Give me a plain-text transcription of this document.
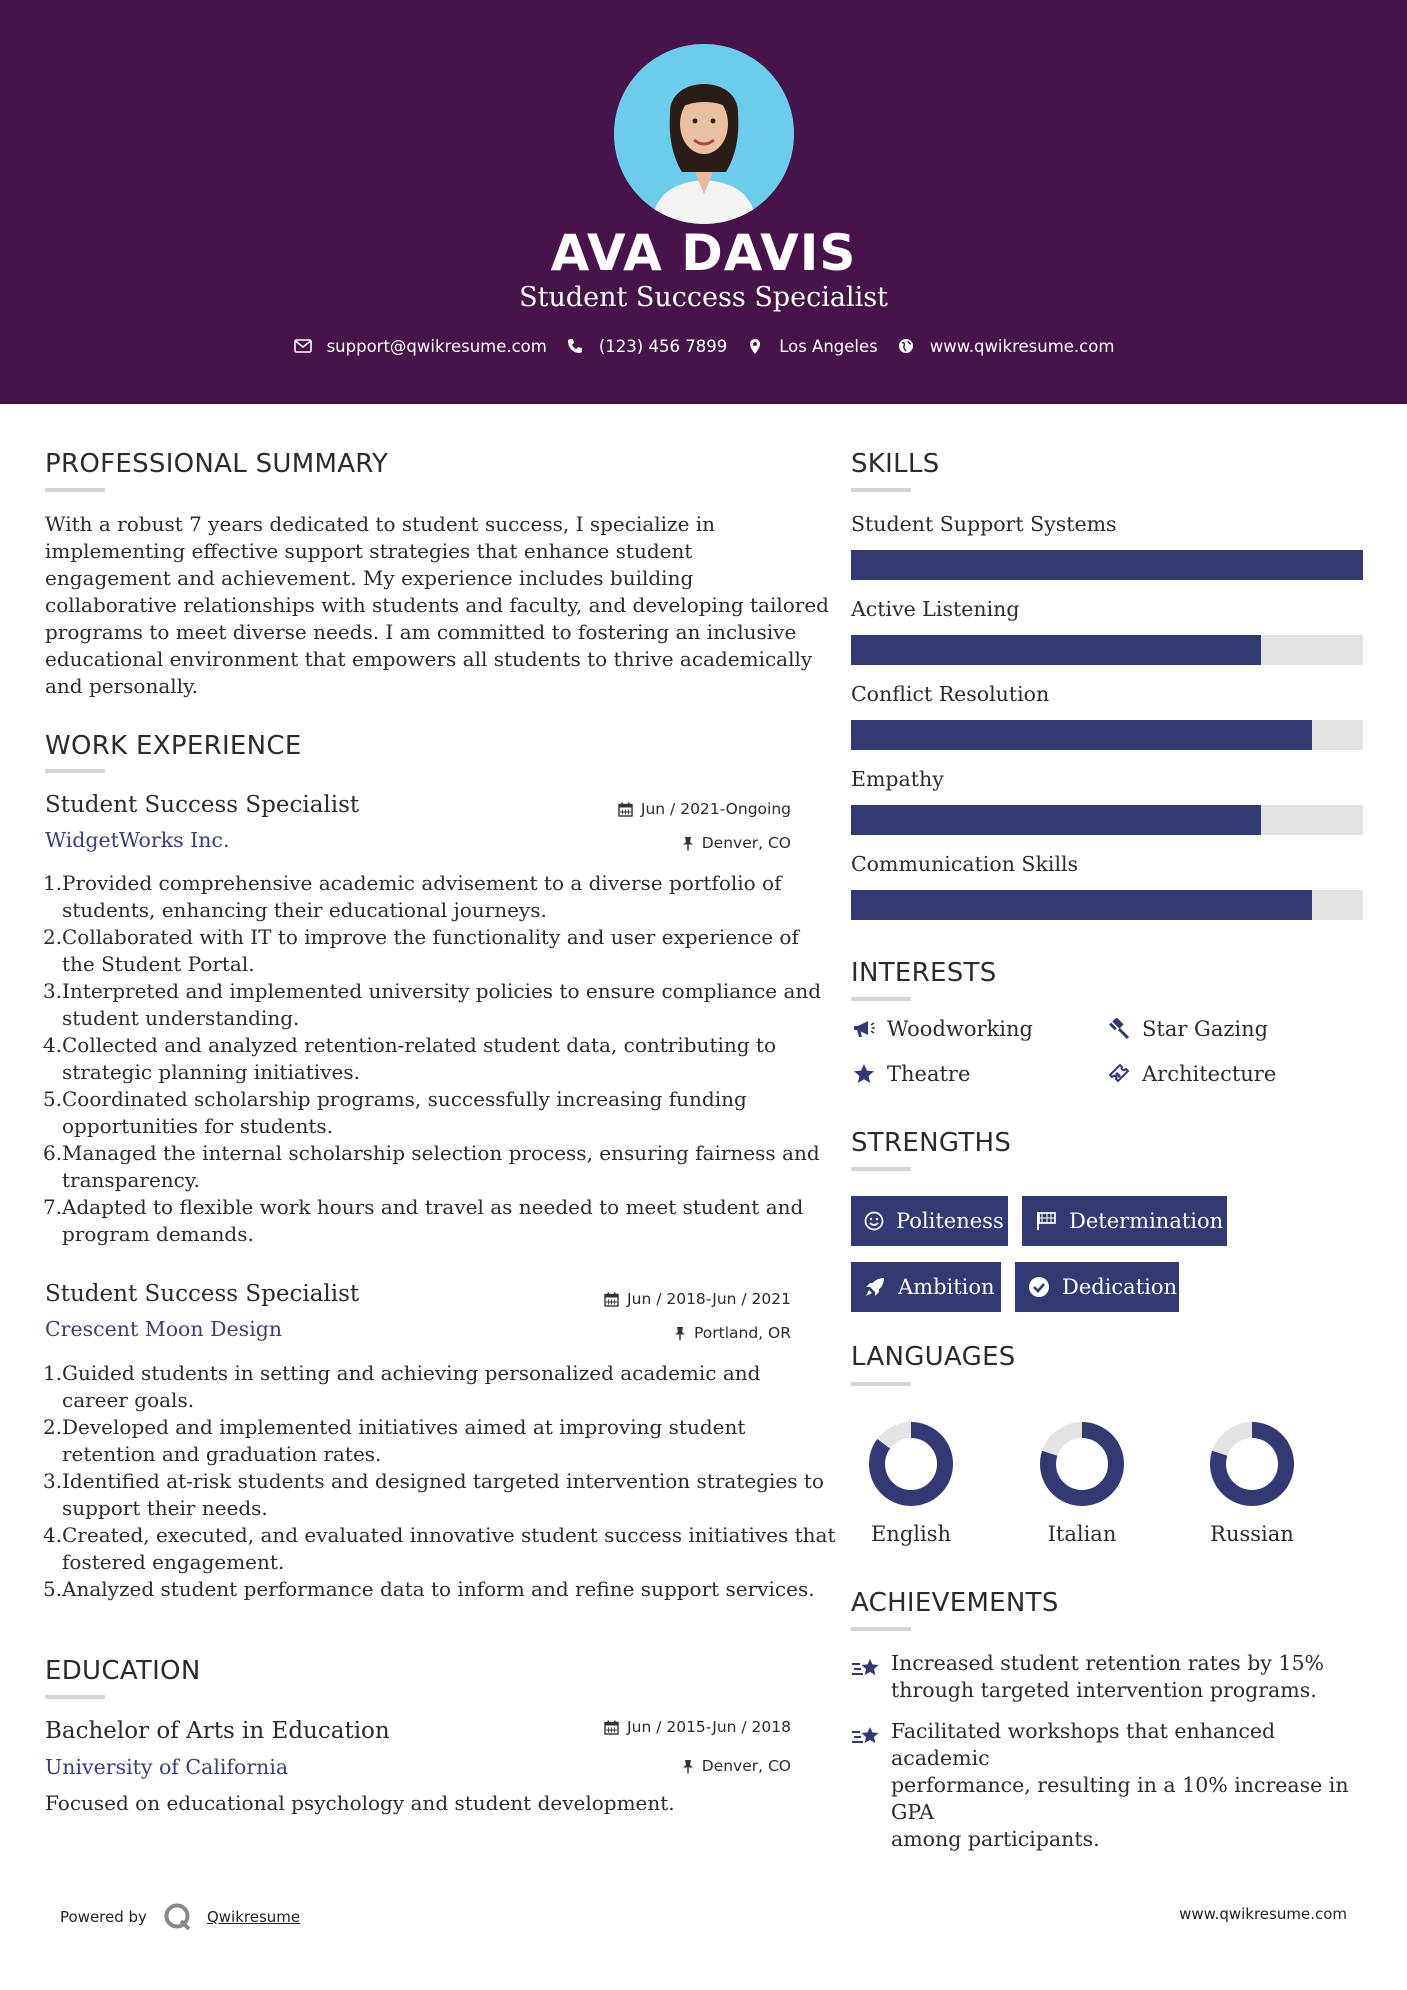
AVA DAVIS
Student Success Specialist
support@qwikresume.com	(123) 456 7899	Los Angeles	www.qwikresume.com
PROFESSIONAL SUMMARY
With a robust 7 years dedicated to student success, I specialize in
implementing effective support strategies that enhance student
engagement and achievement. My experience includes building
collaborative relationships with students and faculty, and developing tailored
programs to meet diverse needs. I am committed to fostering an inclusive
educational environment that empowers all students to thrive academically
and personally.
WORK EXPERIENCE
Student Success Specialist
WidgetWorks Inc.
Jun / 2021-Ongoing
Denver, CO
1. Provided comprehensive academic advisement to a diverse portfolio of
students, enhancing their educational journeys.
2. Collaborated with IT to improve the functionality and user experience of
the Student Portal.
3. Interpreted and implemented university policies to ensure compliance and
student understanding.
4. Collected and analyzed retention-related student data, contributing to
strategic planning initiatives.
5. Coordinated scholarship programs, successfully increasing funding
opportunities for students.
6. Managed the internal scholarship selection process, ensuring fairness and
transparency.
7. Adapted to flexible work hours and travel as needed to meet student and
program demands.
Student Success Specialist
Crescent Moon Design
Jun / 2018-Jun / 2021
Portland, OR
1. Guided students in setting and achieving personalized academic and
career goals.
2. Developed and implemented initiatives aimed at improving student
retention and graduation rates.
3. Identified at-risk students and designed targeted intervention strategies to
support their needs.
4. Created, executed, and evaluated innovative student success initiatives that
fostered engagement.
5. Analyzed student performance data to inform and refine support services.
EDUCATION
Bachelor of Arts in Education
University of California
Jun / 2015-Jun / 2018
Denver, CO
Focused on educational psychology and student development.
SKILLS
Student Support Systems
Active Listening
Conflict Resolution
Empathy
Communication Skills
INTERESTS
Woodworking	Star Gazing
Theatre	Architecture
STRENGTHS
Politeness	Determination
Ambition	Dedication
LANGUAGES
English	Italian	Russian
ACHIEVEMENTS
Increased student retention rates by 15%
through targeted intervention programs.
Facilitated workshops that enhanced academic
performance, resulting in a 10% increase in GPA
among participants.
Powered by	Qwikresume	www.qwikresume.com
